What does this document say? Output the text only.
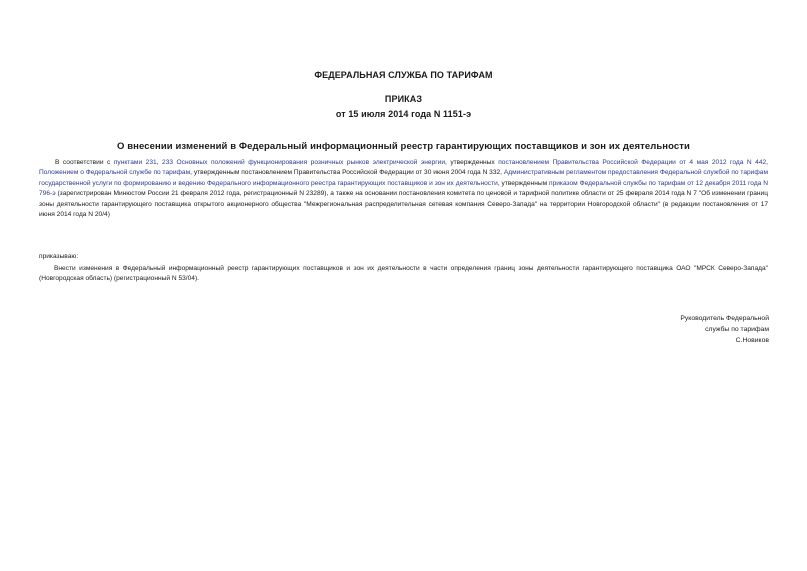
ФЕДЕРАЛЬНАЯ СЛУЖБА ПО ТАРИФАМ
ПРИКАЗ
от 15 июля 2014 года N 1151-э
О внесении изменений в Федеральный информационный реестр гарантирующих поставщиков и зон их деятельности
В соответствии с пунктами 231, 233 Основных положений функционирования розничных рынков электрической энергии, утвержденных постановлением Правительства Российской Федерации от 4 мая 2012 года N 442, Положением о Федеральной службе по тарифам, утвержденным постановлением Правительства Российской Федерации от 30 июня 2004 года N 332, Административным регламентом предоставления Федеральной службой по тарифам государственной услуги по формированию и ведению Федерального информационного реестра гарантирующих поставщиков и зон их деятельности, утвержденным приказом Федеральной службы по тарифам от 12 декабря 2011 года N 796-э (зарегистрирован Минюстом России 21 февраля 2012 года, регистрационный N 23289), а также на основании постановления комитета по ценовой и тарифной политике области от 25 февраля 2014 года N 7 "Об изменении границ зоны деятельности гарантирующего поставщика открытого акционерного общества "Межрегиональная распределительная сетевая компания Северо-Запада" на территории Новгородской области" (в редакции постановления от 17 июня 2014 года N 20/4)
приказываю:
Внести изменения в Федеральный информационный реестр гарантирующих поставщиков и зон их деятельности в части определения границ зоны деятельности гарантирующего поставщика ОАО "МРСК Северо-Запада" (Новгородская область) (регистрационный N 53/04).
Руководитель Федеральной
службы по тарифам
С.Новиков
